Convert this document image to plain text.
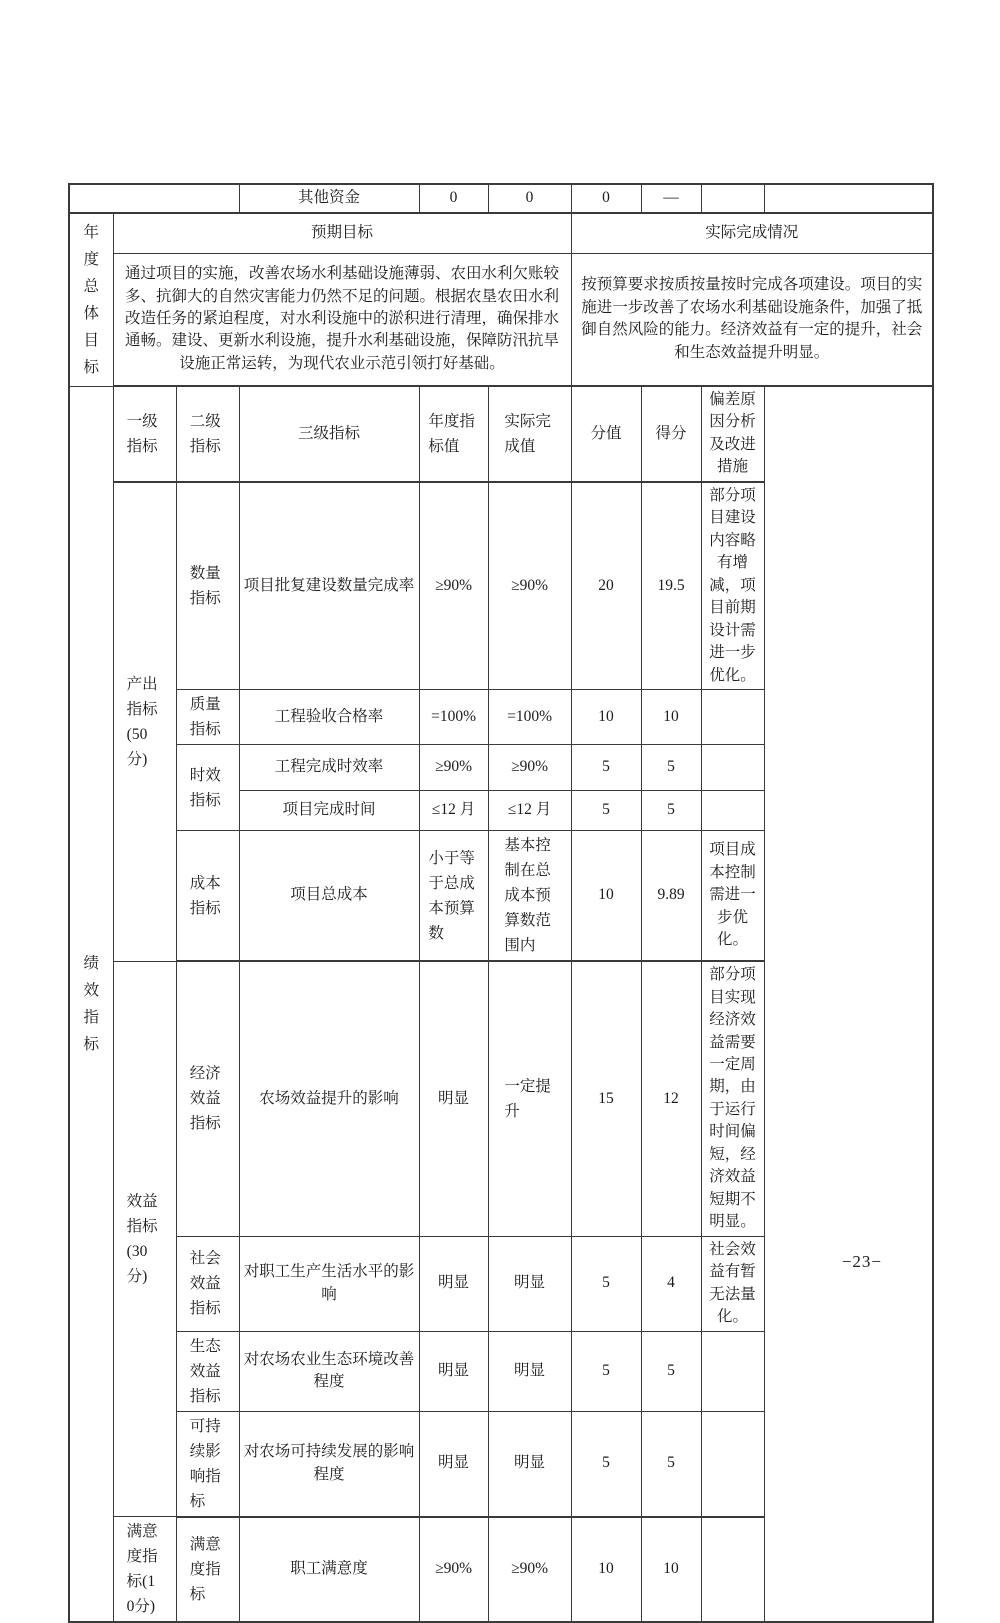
			其他资金	0	0	0	—		

年度总体目标	预期目标					实际完成情况			
	通过项目的实施，改善农场水利基础设施薄弱、农田水利欠账较多、抗御大的自然灾害能力仍然不足的问题。根据农垦农田水利改造任务的紧迫程度，对水利设施中的淤积进行清理，确保排水通畅。建设、更新水利设施，提升水利基础设施，保障防汛抗旱设施正常运转，为现代农业示范引领打好基础。					按预算要求按质按量按时完成各项建设。项目的实施进一步改善了农场水利基础设施条件，加强了抵御自然风险的能力。经济效益有一定的提升，社会和生态效益提升明显。			

绩效指标	一级指标	二级指标	三级指标	年度指标值	实际完成值	分值	得分	偏差原因分析及改进措施	

	产出指标(50分)	数量指标	项目批复建设数量完成率	≥90%	≥90%	20	19.5	部分项目建设内容略有增减，项目前期设计需进一步优化。	

		质量指标	工程验收合格率	=100%	=100%	10	10		

		时效指标	工程完成时效率	≥90%	≥90%	5	5		
			项目完成时间	≤12 月	≤12 月	5	5		

		成本指标	项目总成本	小于等于总成本预算数	基本控制在总成本预算数范围内	10	9.89	项目成本控制需进一步优化。	

	效益指标(30分)	经济效益指标	农场效益提升的影响	明显	一定提升	15	12	部分项目实现经济效益需要一定周期，由于运行时间偏短，经济效益短期不明显。	

		社会效益指标	对职工生产生活水平的影响	明显	明显	5	4	社会效益有暂无法量化。	

		生态效益指标	对农场农业生态环境改善程度	明显	明显	5	5		

		可持续影响指标	对农场可持续发展的影响程度	明显	明显	5	5		

	满意度指标(10分)	满意度指标	职工满意度	≥90%	≥90%	10	10		
−23−
